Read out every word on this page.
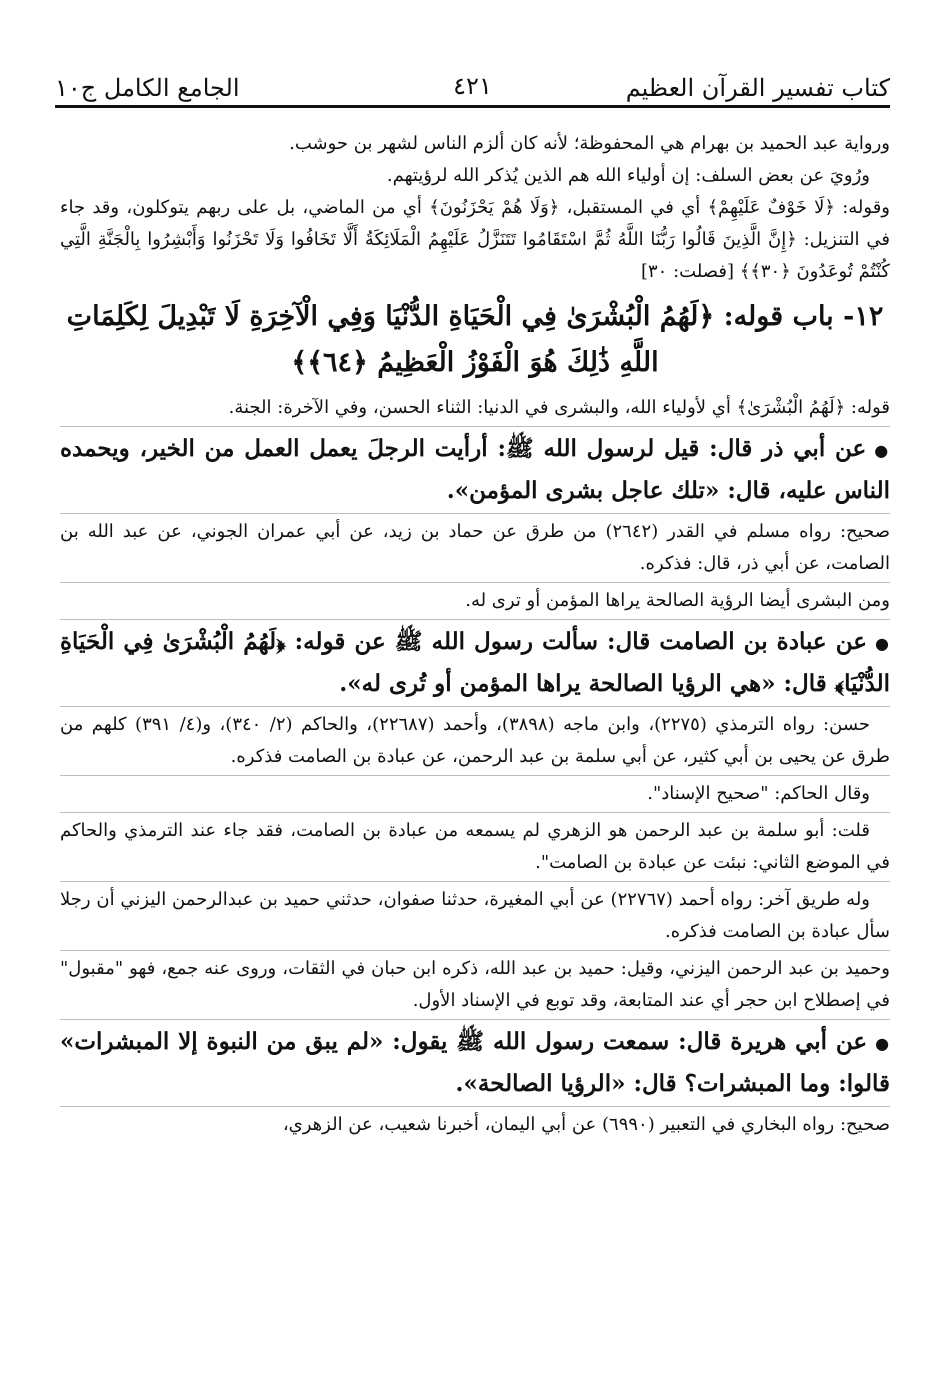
كتاب تفسير القرآن العظيم
٤٢١
الجامع الكامل ج١٠

ورواية عبد الحميد بن بهرام هي المحفوظة؛ لأنه كان ألزم الناس لشهر بن حوشب.

ورُويَ عن بعض السلف: إن أولياء الله هم الذين يُذكر الله لرؤيتهم.

وقوله: ﴿لَا خَوْفٌ عَلَيْهِمْ﴾ أي في المستقبل، ﴿وَلَا هُمْ يَحْزَنُونَ﴾ أي من الماضي، بل على ربهم يتوكلون، وقد جاء في التنزيل: ﴿إِنَّ الَّذِينَ قَالُوا رَبُّنَا اللَّهُ ثُمَّ اسْتَقَامُوا تَتَنَزَّلُ عَلَيْهِمُ الْمَلَائِكَةُ أَلَّا تَخَافُوا وَلَا تَحْزَنُوا وَأَبْشِرُوا بِالْجَنَّةِ الَّتِي كُنْتُمْ تُوعَدُونَ ﴿٣٠﴾﴾ [فصلت: ٣٠]

١٢- باب قوله: ﴿لَهُمُ الْبُشْرَىٰ فِي الْحَيَاةِ الدُّنْيَا وَفِي الْآخِرَةِ لَا تَبْدِيلَ لِكَلِمَاتِ اللَّهِ ذَٰلِكَ هُوَ الْفَوْزُ الْعَظِيمُ ﴿٦٤﴾﴾

قوله: ﴿لَهُمُ الْبُشْرَىٰ﴾ أي لأولياء الله، والبشرى في الدنيا: الثناء الحسن، وفي الآخرة: الجنة.

●عن أبي ذر قال: قيل لرسول الله ﷺ: أرأيت الرجلَ يعمل العمل من الخير، ويحمده الناس عليه، قال: «تلك عاجل بشرى المؤمن».

صحيح: رواه مسلم في القدر (٢٦٤٢) من طرق عن حماد بن زيد، عن أبي عمران الجوني، عن عبد الله بن الصامت، عن أبي ذر، قال: فذكره.

ومن البشرى أيضا الرؤية الصالحة يراها المؤمن أو ترى له.

●عن عبادة بن الصامت قال: سألت رسول الله ﷺ عن قوله: ﴿لَهُمُ الْبُشْرَىٰ فِي الْحَيَاةِ الدُّنْيَا﴾ قال: «هي الرؤيا الصالحة يراها المؤمن أو تُرى له».

حسن: رواه الترمذي (٢٢٧٥)، وابن ماجه (٣٨٩٨)، وأحمد (٢٢٦٨٧)، والحاكم (٢/ ٣٤٠)، و(٤/ ٣٩١) كلهم من طرق عن يحيى بن أبي كثير، عن أبي سلمة بن عبد الرحمن، عن عبادة بن الصامت فذكره.

وقال الحاكم: "صحيح الإسناد".

قلت: أبو سلمة بن عبد الرحمن هو الزهري لم يسمعه من عبادة بن الصامت، فقد جاء عند الترمذي والحاكم في الموضع الثاني: نبئت عن عبادة بن الصامت".

وله طريق آخر: رواه أحمد (٢٢٧٦٧) عن أبي المغيرة، حدثنا صفوان، حدثني حميد بن عبدالرحمن اليزني أن رجلا سأل عبادة بن الصامت فذكره.

وحميد بن عبد الرحمن اليزني، وقيل: حميد بن عبد الله، ذكره ابن حبان في الثقات، وروى عنه جمع، فهو "مقبول" في إصطلاح ابن حجر أي عند المتابعة، وقد توبع في الإسناد الأول.

●عن أبي هريرة قال: سمعت رسول الله ﷺ يقول: «لم يبق من النبوة إلا المبشرات» قالوا: وما المبشرات؟ قال: «الرؤيا الصالحة».

صحيح: رواه البخاري في التعبير (٦٩٩٠) عن أبي اليمان، أخبرنا شعيب، عن الزهري،
